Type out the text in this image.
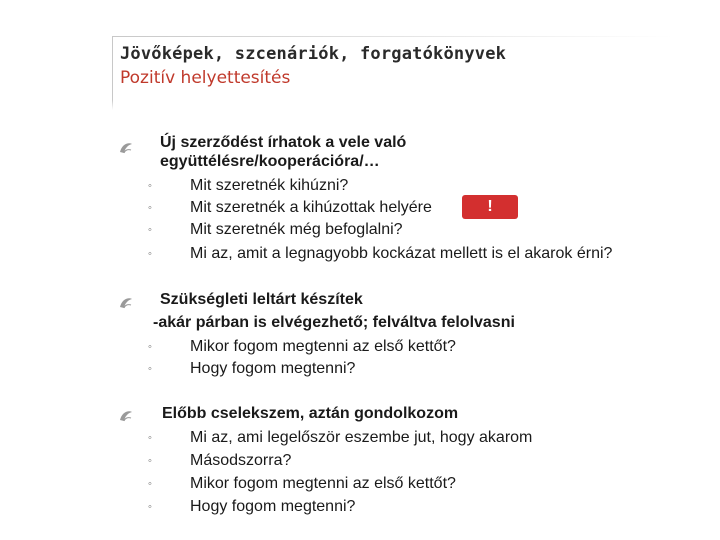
Jövőképek, szcenáriók, forgatókönyvek
Pozitív helyettesítés
Új szerződést írhatok a vele való
együttélésre/kooperációra/…
◦ Mit szeretnék kihúzni?
◦ Mit szeretnék a kihúzottak helyére	!
◦ Mit szeretnék még befoglalni?
◦ Mi az, amit a legnagyobb kockázat mellett is el akarok érni?
Szükségleti leltárt készítek
-akár párban is elvégezhető; felváltva felolvasni
◦ Mikor fogom megtenni az első kettőt?
◦ Hogy fogom megtenni?
Előbb cselekszem, aztán gondolkozom
◦ Mi az, ami legelőször eszembe jut, hogy akarom
◦ Másodszorra?
◦ Mikor fogom megtenni az első kettőt?
◦ Hogy fogom megtenni?
